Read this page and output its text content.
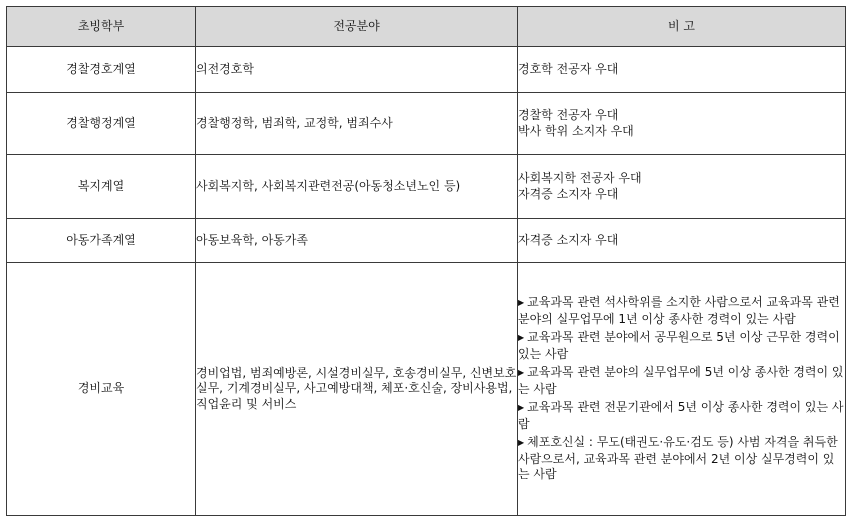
초빙학부	전공분야	비 고
경찰경호계열	의전경호학	경호학 전공자 우대

경찰행정계열	경찰행정학, 범죄학, 교정학, 범죄수사	경찰학 전공자 우대
박사 학위 소지자 우대

복지계열	사회복지학, 사회복지관련전공(아동청소년노인 등)	사회복지학 전공자 우대
자격증 소지자 우대

아동가족계열	아동보육학, 아동가족	자격증 소지자 우대

경비교육	경비업법, 범죄예방론, 시설경비실무, 호송경비실무, 신변보호실무, 기계경비실무, 사고예방대책, 체포·호신술, 장비사용법, 직업윤리 및 서비스	▶ 교육과목 관련 석사학위를 소지한 사람으로서 교육과목 관련 분야의 실무업무에 1년 이상 종사한 경력이 있는 사람
▶ 교육과목 관련 분야에서 공무원으로 5년 이상 근무한 경력이 있는 사람
▶ 교육과목 관련 분야의 실무업무에 5년 이상 종사한 경력이 있는 사람
▶ 교육과목 관련 전문기관에서 5년 이상 종사한 경력이 있는 사람
▶ 체포호신실 : 무도(태권도·유도·검도 등) 사범 자격을 취득한 사람으로서, 교육과목 관련 분야에서 2년 이상 실무경력이 있는 사람
